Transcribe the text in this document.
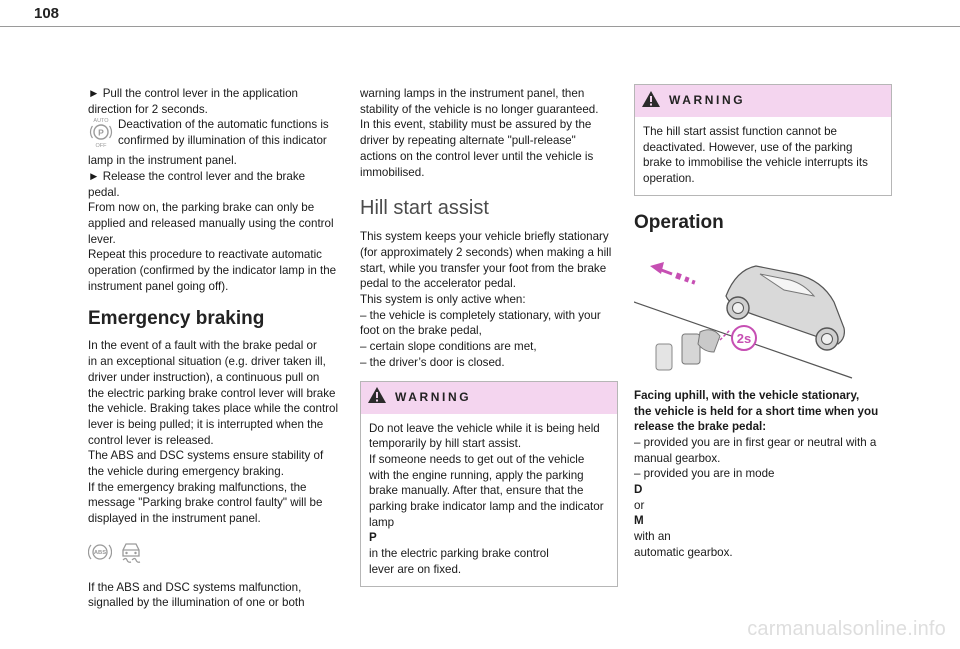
108
► Pull the control lever in the application
direction for 2 seconds.
AUTO
P
OFF
Deactivation of the automatic functions is
confirmed by illumination of this indicator
lamp in the instrument panel.
► Release the control lever and the brake
pedal.
From now on, the parking brake can only be
applied and released manually using the control
lever.
Repeat this procedure to reactivate automatic
operation (confirmed by the indicator lamp in the
instrument panel going off).
Emergency braking
In the event of a fault with the brake pedal or
in an exceptional situation (e.g. driver taken ill,
driver under instruction), a continuous pull on
the electric parking brake control lever will brake
the vehicle. Braking takes place while the control
lever is being pulled; it is interrupted when the
control lever is released.
The ABS and DSC systems ensure stability of
the vehicle during emergency braking.
If the emergency braking malfunctions, the
message "Parking brake control faulty" will be
displayed in the instrument panel.
ABS
If the ABS and DSC systems malfunction,
signalled by the illumination of one or both
warning lamps in the instrument panel, then
stability of the vehicle is no longer guaranteed.
In this event, stability must be assured by the
driver by repeating alternate "pull-release"
actions on the control lever until the vehicle is
immobilised.
Hill start assist
This system keeps your vehicle briefly stationary
(for approximately 2 seconds) when making a hill
start, while you transfer your foot from the brake
pedal to the accelerator pedal.
This system is only active when:
– the vehicle is completely stationary, with your
foot on the brake pedal,
– certain slope conditions are met,
– the driver’s door is closed.
WARNING
Do not leave the vehicle while it is being held
temporarily by hill start assist.
If someone needs to get out of the vehicle
with the engine running, apply the parking
brake manually. After that, ensure that the
parking brake indicator lamp and the indicator
lamp
P
in the electric parking brake control
lever are on fixed.
WARNING
The hill start assist function cannot be
deactivated. However, use of the parking
brake to immobilise the vehicle interrupts its
operation.
Operation
2s
Facing uphill, with the vehicle stationary,
the vehicle is held for a short time when you
release the brake pedal:
– provided you are in first gear or neutral with a
manual gearbox.
– provided you are in mode
D
or
M
with an
automatic gearbox.
carmanualsonline.info
